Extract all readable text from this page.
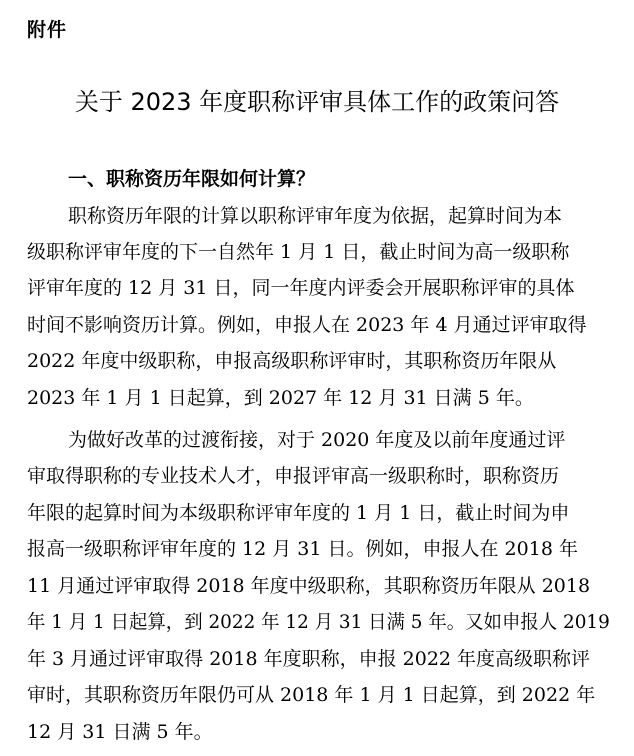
附件
关于 2023 年度职称评审具体工作的政策问答
一、职称资历年限如何计算？

职称资历年限的计算以职称评审年度为依据，起算时间为本

级职称评审年度的下一自然年 1 月 1 日，截止时间为高一级职称

评审年度的 12 月 31 日，同一年度内评委会开展职称评审的具体

时间不影响资历计算。例如，申报人在 2023 年 4 月通过评审取得

2022 年度中级职称，申报高级职称评审时，其职称资历年限从

2023 年 1 月 1 日起算，到 2027 年 12 月 31 日满 5 年。

为做好改革的过渡衔接，对于 2020 年度及以前年度通过评

审取得职称的专业技术人才，申报评审高一级职称时，职称资历

年限的起算时间为本级职称评审年度的 1 月 1 日，截止时间为申

报高一级职称评审年度的 12 月 31 日。例如，申报人在 2018 年

11 月通过评审取得 2018 年度中级职称，其职称资历年限从 2018

年 1 月 1 日起算，到 2022 年 12 月 31 日满 5 年。又如申报人 2019

年 3 月通过评审取得 2018 年度职称，申报 2022 年度高级职称评

审时，其职称资历年限仍可从 2018 年 1 月 1 日起算，到 2022 年

12 月 31 日满 5 年。
